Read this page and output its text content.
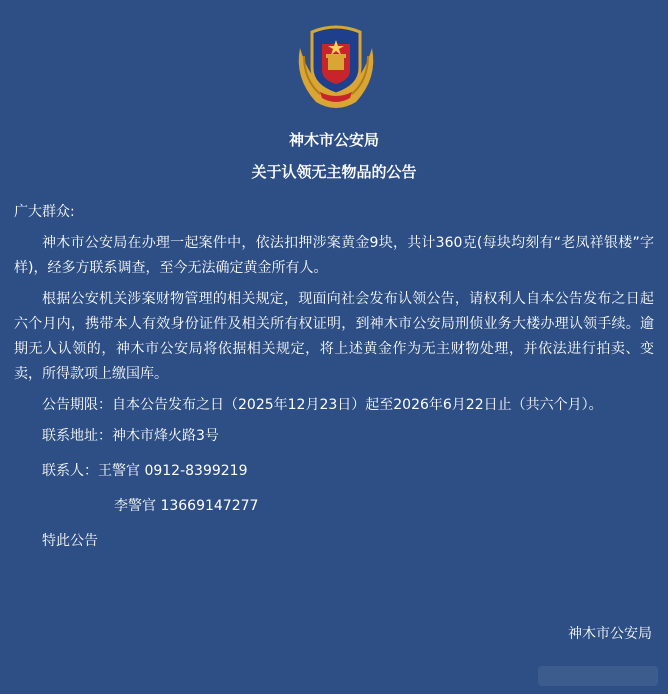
神木市公安局
关于认领无主物品的公告
广大群众:
神木市公安局在办理一起案件中，依法扣押涉案黄金9块，共计360克(每块均刻有“老凤祥银楼”字样)，经多方联系调查，至今无法确定黄金所有人。
根据公安机关涉案财物管理的相关规定，现面向社会发布认领公告，请权利人自本公告发布之日起六个月内，携带本人有效身份证件及相关所有权证明，到神木市公安局刑侦业务大楼办理认领手续。逾期无人认领的，神木市公安局将依据相关规定，将上述黄金作为无主财物处理，并依法进行拍卖、变卖，所得款项上缴国库。
公告期限：自本公告发布之日（2025年12月23日）起至2026年6月22日止（共六个月）。
联系地址：神木市烽火路3号
联系人：王警官 0912-8399219
李警官 13669147277
特此公告
神木市公安局
